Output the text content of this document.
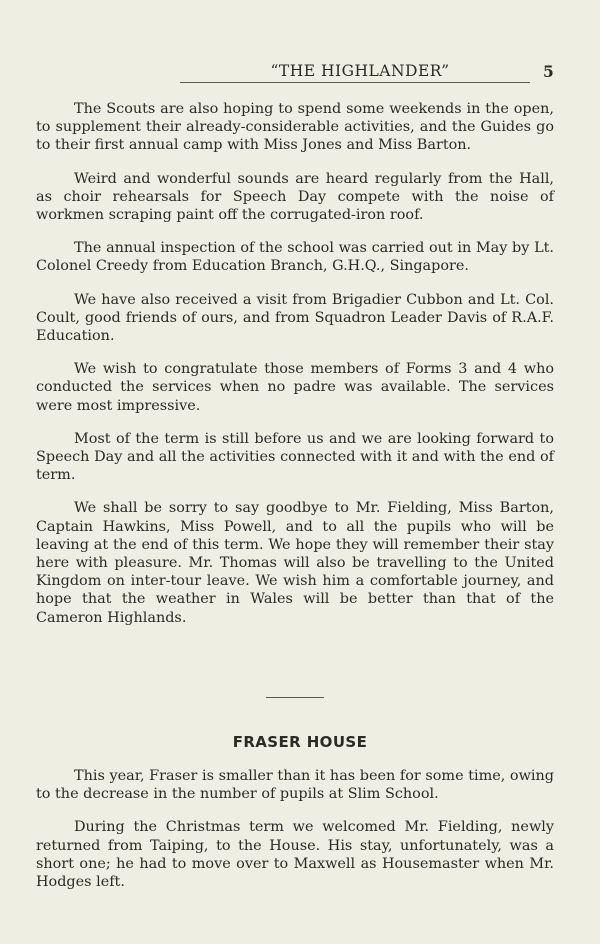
“THE HIGHLANDER”	5

The Scouts are also hoping to spend some weekends in the open, to supplement their already-considerable activities, and the Guides go to their first annual camp with Miss Jones and Miss Barton.

Weird and wonderful sounds are heard regularly from the Hall, as choir rehearsals for Speech Day compete with the noise of workmen scraping paint off the corrugated-iron roof.

The annual inspection of the school was carried out in May by Lt. Colonel Creedy from Education Branch, G.H.Q., Singapore.

We have also received a visit from Brigadier Cubbon and Lt. Col. Coult, good friends of ours, and from Squadron Leader Davis of R.A.F. Education.

We wish to congratulate those members of Forms 3 and 4 who conducted the services when no padre was available. The services were most impressive.

Most of the term is still before us and we are looking forward to Speech Day and all the activities connected with it and with the end of term.

We shall be sorry to say goodbye to Mr. Fielding, Miss Barton, Captain Hawkins, Miss Powell, and to all the pupils who will be leaving at the end of this term. We hope they will remember their stay here with pleasure. Mr. Thomas will also be travelling to the United Kingdom on inter-tour leave. We wish him a comfortable journey, and hope that the weather in Wales will be better than that of the Cameron Highlands.

FRASER HOUSE

This year, Fraser is smaller than it has been for some time, owing to the decrease in the number of pupils at Slim School.

During the Christmas term we welcomed Mr. Fielding, newly returned from Taiping, to the House. His stay, unfortunately, was a short one; he had to move over to Maxwell as Housemaster when Mr. Hodges left.
